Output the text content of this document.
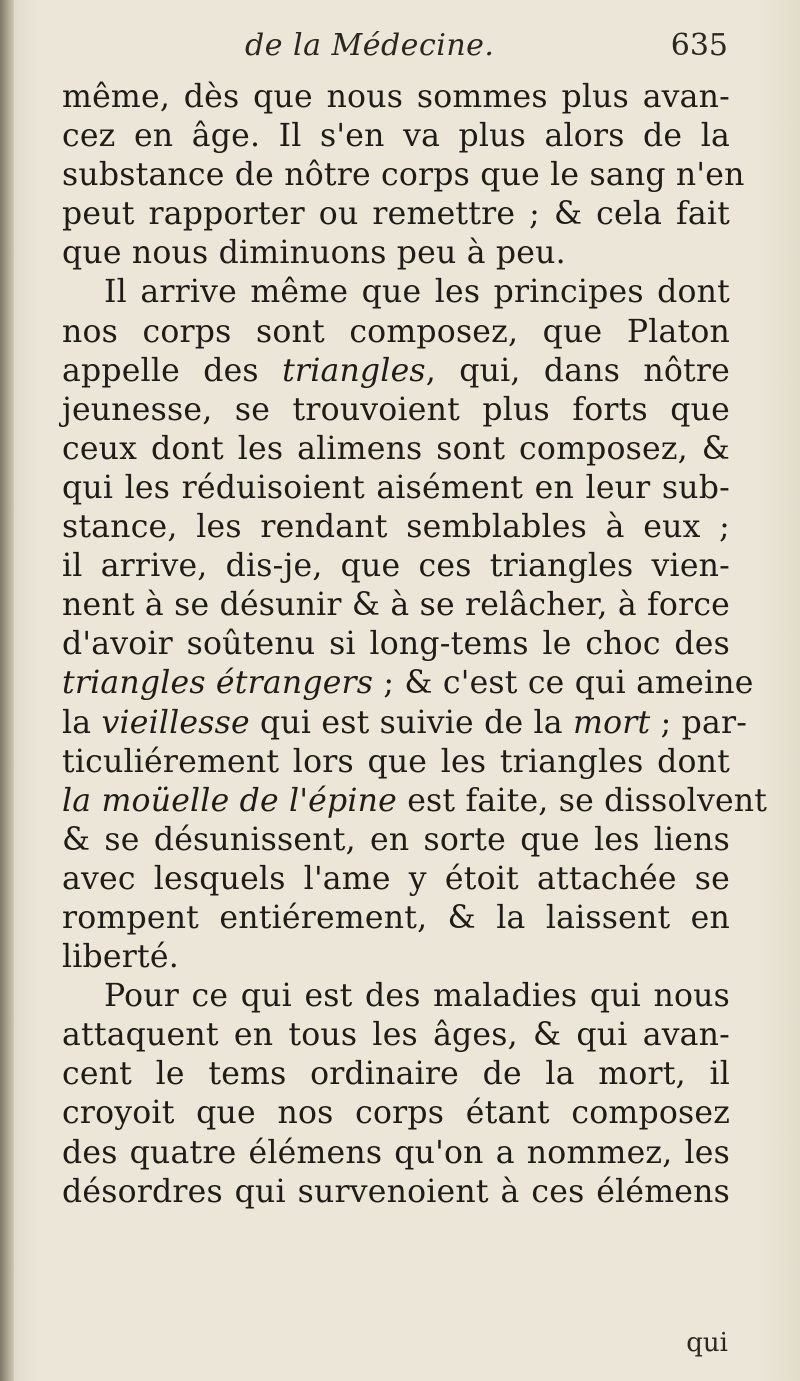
de la Médecine.	635
même, dès que nous sommes plus avan-
cez en âge. Il s'en va plus alors de la
substance de nôtre corps que le sang n'en
peut rapporter ou remettre ; & cela fait
que nous diminuons peu à peu.
Il arrive même que les principes dont
nos corps sont composez, que Platon
appelle des triangles, qui, dans nôtre
jeunesse, se trouvoient plus forts que
ceux dont les alimens sont composez, &
qui les réduisoient aisément en leur sub-
stance, les rendant semblables à eux ;
il arrive, dis-je, que ces triangles vien-
nent à se désunir & à se relâcher, à force
d'avoir soûtenu si long-tems le choc des
triangles étrangers ; & c'est ce qui ameine
la vieillesse qui est suivie de la mort ; par-
ticuliérement lors que les triangles dont
la moüelle de l'épine est faite, se dissolvent
& se désunissent, en sorte que les liens
avec lesquels l'ame y étoit attachée se
rompent entiérement, & la laissent en
liberté.
Pour ce qui est des maladies qui nous
attaquent en tous les âges, & qui avan-
cent le tems ordinaire de la mort, il
croyoit que nos corps étant composez
des quatre élémens qu'on a nommez, les
désordres qui survenoient à ces élémens
qui
